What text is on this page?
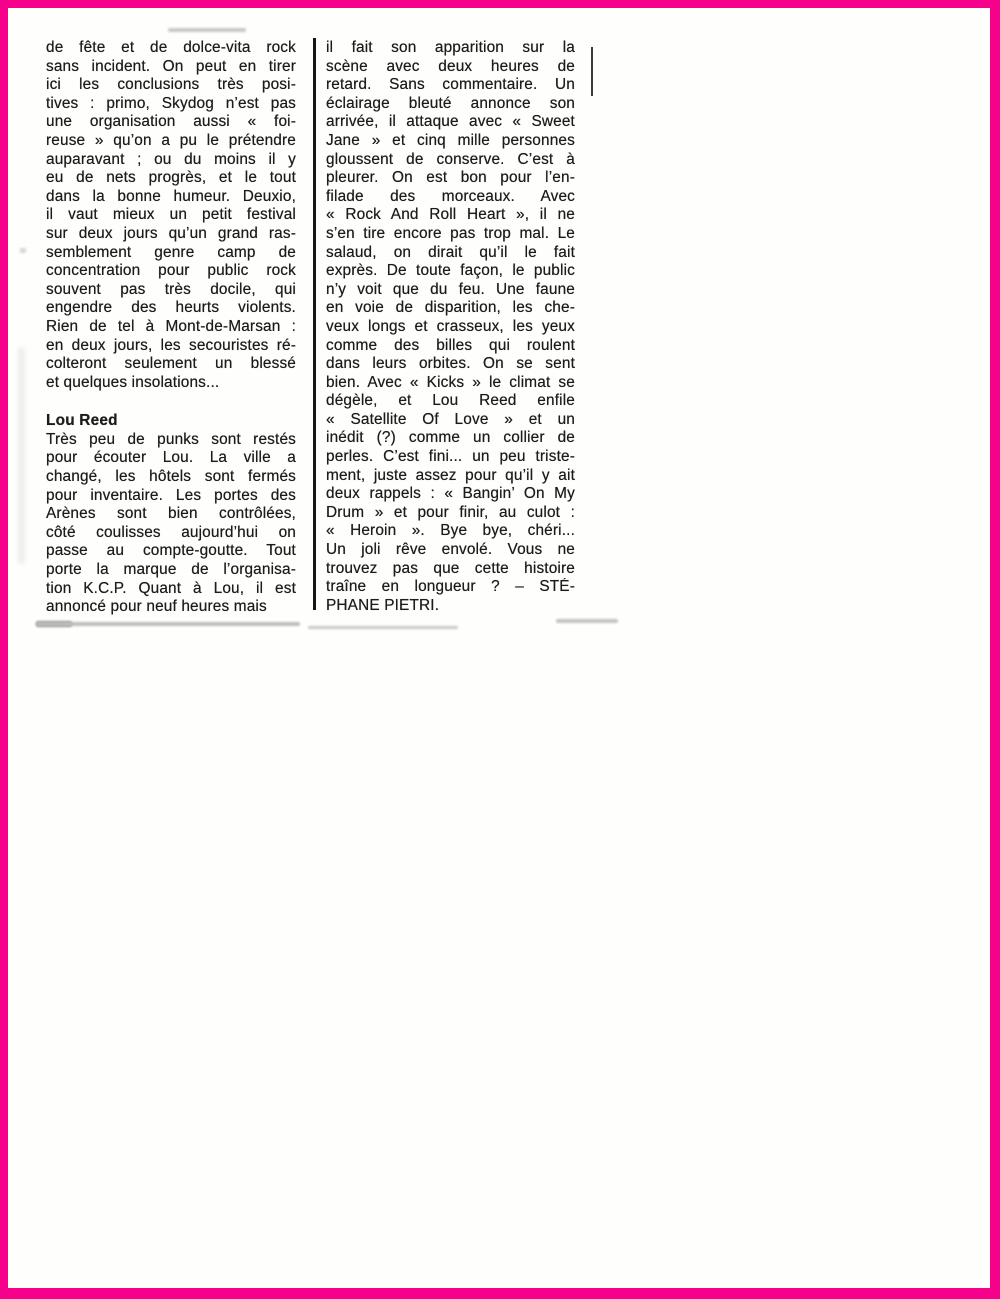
de fête et de dolce-vita rock
sans incident. On peut en tirer
ici les conclusions très posi-
tives : primo, Skydog n’est pas
une organisation aussi « foi-
reuse » qu’on a pu le prétendre
auparavant ; ou du moins il y
eu de nets progrès, et le tout
dans la bonne humeur. Deuxio,
il vaut mieux un petit festival
sur deux jours qu’un grand ras-
semblement genre camp de
concentration pour public rock
souvent pas très docile, qui
engendre des heurts violents.
Rien de tel à Mont-de-Marsan :
en deux jours, les secouristes ré-
colteront seulement un blessé
et quelques insolations...
Lou Reed
Très peu de punks sont restés
pour écouter Lou. La ville a
changé, les hôtels sont fermés
pour inventaire. Les portes des
Arènes sont bien contrôlées,
côté coulisses aujourd’hui on
passe au compte-goutte. Tout
porte la marque de l’organisa-
tion K.C.P. Quant à Lou, il est
annoncé pour neuf heures mais
il fait son apparition sur la
scène avec deux heures de
retard. Sans commentaire. Un
éclairage bleuté annonce son
arrivée, il attaque avec « Sweet
Jane » et cinq mille personnes
gloussent de conserve. C’est à
pleurer. On est bon pour l’en-
filade des morceaux. Avec
« Rock And Roll Heart », il ne
s’en tire encore pas trop mal. Le
salaud, on dirait qu’il le fait
exprès. De toute façon, le public
n’y voit que du feu. Une faune
en voie de disparition, les che-
veux longs et crasseux, les yeux
comme des billes qui roulent
dans leurs orbites. On se sent
bien. Avec « Kicks » le climat se
dégèle, et Lou Reed enfile
« Satellite Of Love » et un
inédit (?) comme un collier de
perles. C’est fini... un peu triste-
ment, juste assez pour qu’il y ait
deux rappels : « Bangin’ On My
Drum » et pour finir, au culot :
« Heroin ». Bye bye, chéri...
Un joli rêve envolé. Vous ne
trouvez pas que cette histoire
traîne en longueur ? – STÉ-
PHANE PIETRI.
